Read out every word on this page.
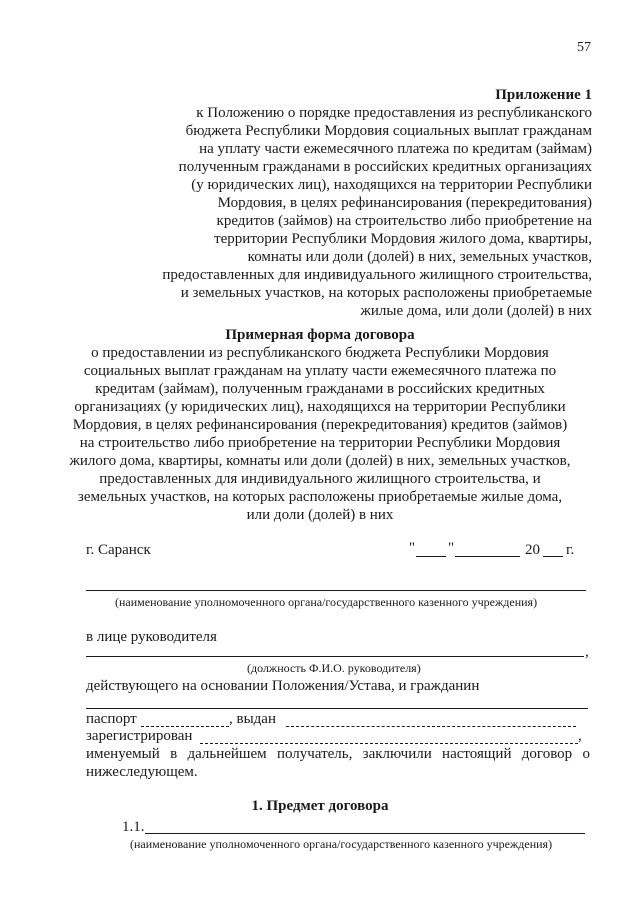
57
Приложение 1
к Положению о порядке предоставления из республиканского
бюджета Республики Мордовия социальных выплат гражданам
на уплату части ежемесячного платежа по кредитам (займам)
полученным гражданами в российских кредитных организациях
(у юридических лиц), находящихся на территории Республики
Мордовия, в целях рефинансирования (перекредитования)
кредитов (займов) на строительство либо приобретение на
территории Республики Мордовия жилого дома, квартиры,
комнаты или доли (долей) в них, земельных участков,
предоставленных для индивидуального жилищного строительства,
и земельных участков, на которых расположены приобретаемые
жилые дома, или доли (долей) в них
Примерная форма договора
о предоставлении из республиканского бюджета Республики Мордовия
социальных выплат гражданам на уплату части ежемесячного платежа по
кредитам (займам), полученным гражданами в российских кредитных
организациях (у юридических лиц), находящихся на территории Республики
Мордовия, в целях рефинансирования (перекредитования) кредитов (займов)
на строительство либо приобретение на территории Республики Мордовия
жилого дома, квартиры, комнаты или доли (долей) в них, земельных участков,
предоставленных для индивидуального жилищного строительства, и
земельных участков, на которых расположены приобретаемые жилые дома,
или доли (долей) в них
г. Саранск	" "	20 г.
(наименование уполномоченного органа/государственного казенного учреждения)
в лице руководителя
,
(должность Ф.И.О. руководителя)
действующего на основании Положения/Устава, и гражданин
паспорт	, выдан
зарегистрирован	,
именуемый в дальнейшем получатель, заключили настоящий договор о
нижеследующем.
1. Предмет договора
1.1.
(наименование уполномоченного органа/государственного казенного учреждения)
